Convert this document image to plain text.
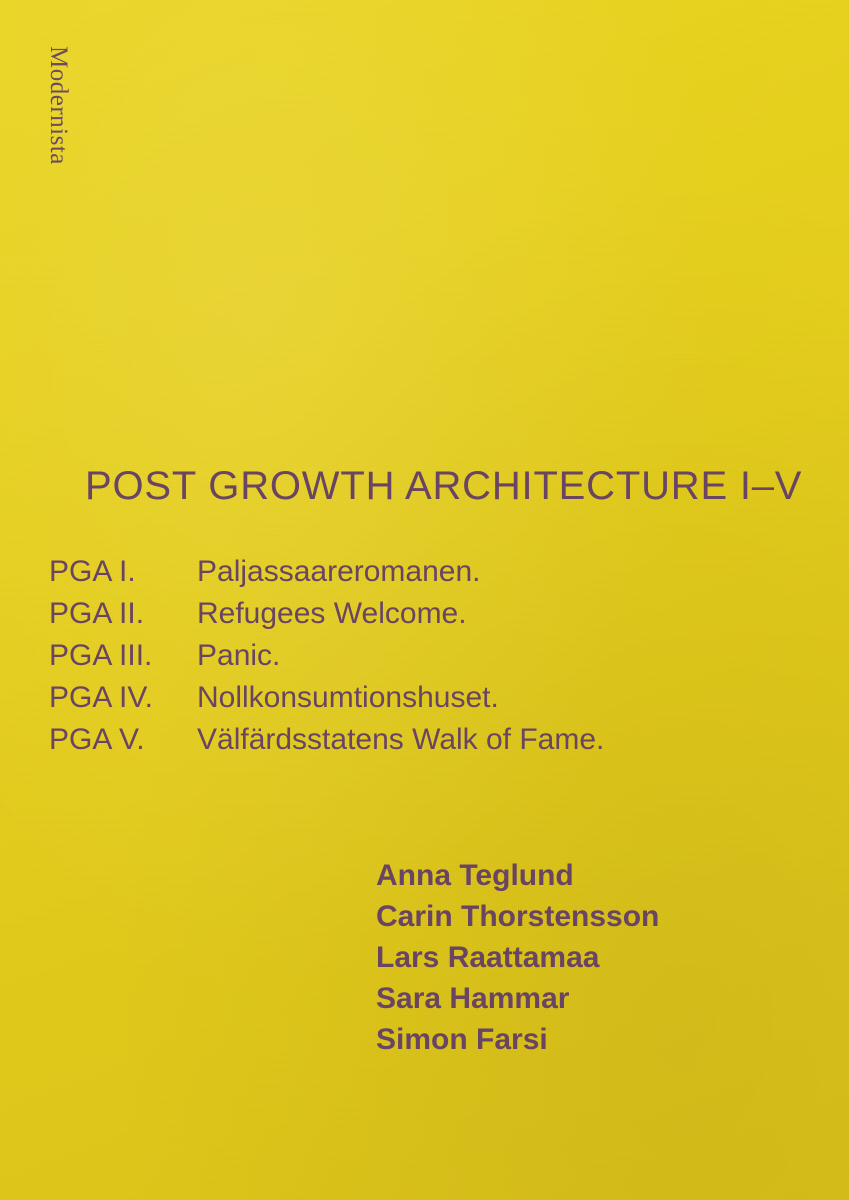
Modernista
POST GROWTH ARCHITECTURE I–V
PGA I.	Paljassaareromanen.
PGA II.	Refugees Welcome.
PGA III.	Panic.
PGA IV.	Nollkonsumtionshuset.
PGA V.	Välfärdsstatens Walk of Fame.
Anna Teglund
Carin Thorstensson
Lars Raattamaa
Sara Hammar
Simon Farsi
